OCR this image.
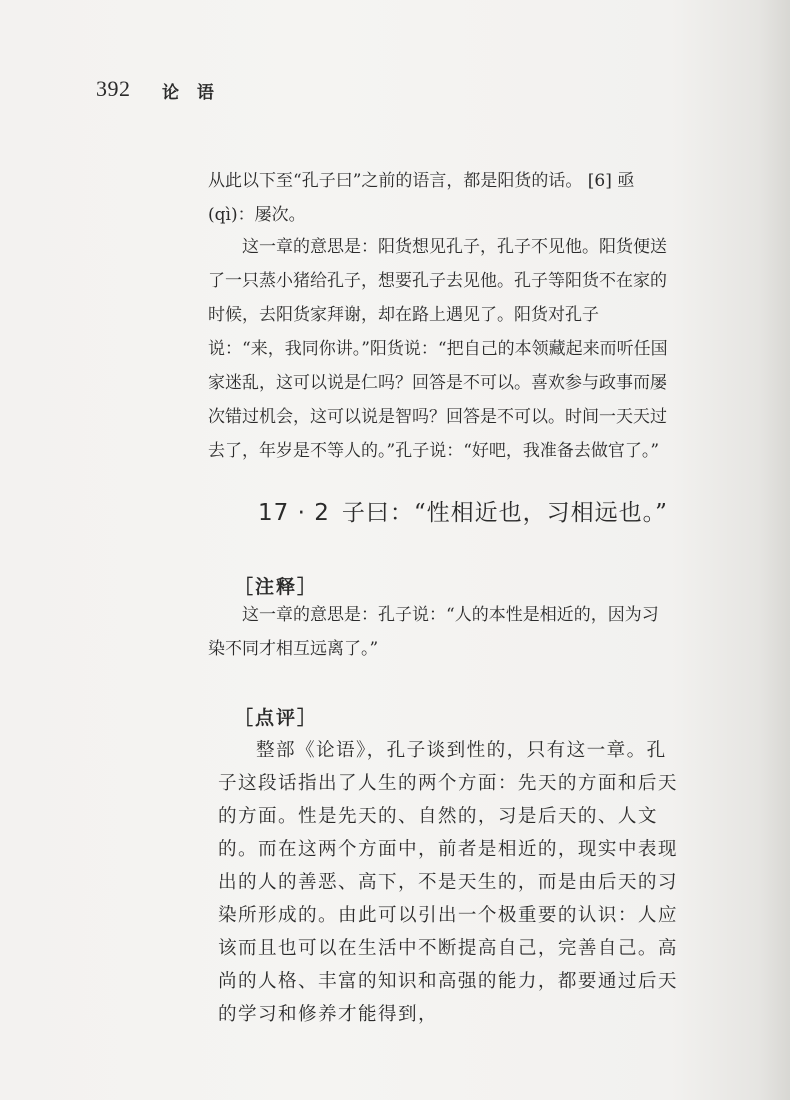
392 论 语

从此以下至“孔子曰”之前的语言，都是阳货的话。 [6] 亟 (qì)：屡次。

这一章的意思是：阳货想见孔子，孔子不见他。阳货便送了一只蒸小猪给孔子，想要孔子去见他。孔子等阳货不在家的时候，去阳货家拜谢，却在路上遇见了。阳货对孔子说：“来，我同你讲。”阳货说：“把自己的本领藏起来而听任国家迷乱，这可以说是仁吗？回答是不可以。喜欢参与政事而屡次错过机会，这可以说是智吗？回答是不可以。时间一天天过去了，年岁是不等人的。”孔子说：“好吧，我准备去做官了。”

17 · 2 子曰：“性相近也，习相远也。”
［注释］

这一章的意思是：孔子说：“人的本性是相近的，因为习染不同才相互远离了。”

［点评］

整部《论语》，孔子谈到性的，只有这一章。孔子这段话指出了人生的两个方面：先天的方面和后天的方面。性是先天的、自然的，习是后天的、人文的。而在这两个方面中，前者是相近的，现实中表现出的人的善恶、高下，不是天生的，而是由后天的习染所形成的。由此可以引出一个极重要的认识：人应该而且也可以在生活中不断提高自己，完善自己。高尚的人格、丰富的知识和高强的能力，都要通过后天的学习和修养才能得到，
